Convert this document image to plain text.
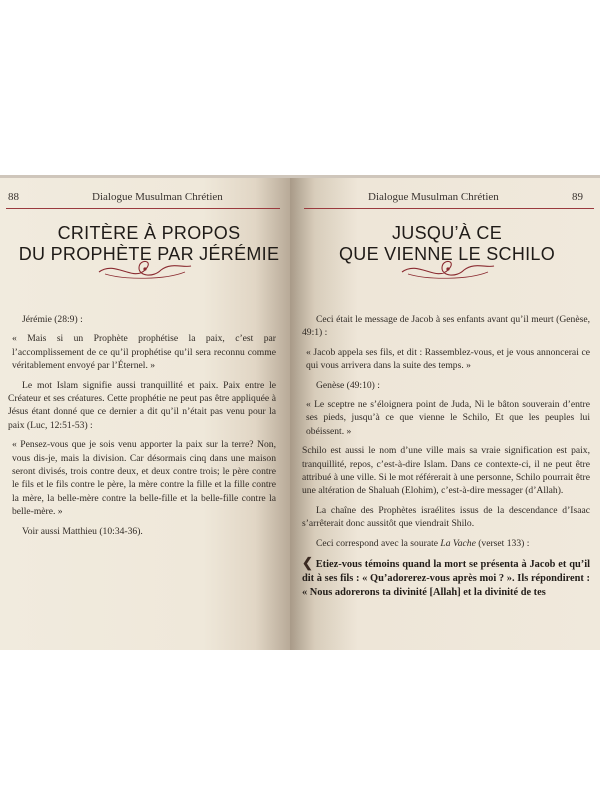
88	Dialogue Musulman Chrétien
CRITÈRE À PROPOS
DU PROPHÈTE PAR JÉRÉMIE

Jérémie (28:9) :

« Mais si un Prophète prophétise la paix, c’est par l’accomplissement de ce qu’il prophétise qu’il sera reconnu comme véritablement envoyé par l’Éternel. »

Le mot Islam signifie aussi tranquillité et paix. Paix entre le Créateur et ses créatures. Cette prophétie ne peut pas être appliquée à Jésus étant donné que ce dernier a dit qu’il n’était pas venu pour la paix (Luc, 12:51-53) :

« Pensez-vous que je sois venu apporter la paix sur la terre? Non, vous dis-je, mais la division. Car désormais cinq dans une maison seront divisés, trois contre deux, et deux contre trois; le père contre le fils et le fils contre le père, la mère contre la fille et la fille contre la mère, la belle-mère contre la belle-fille et la belle-fille contre la belle-mère. »

Voir aussi Matthieu (10:34-36).

Dialogue Musulman Chrétien	89
JUSQU’À CE
QUE VIENNE LE SCHILO

Ceci était le message de Jacob à ses enfants avant qu’il meurt (Genèse, 49:1) :

« Jacob appela ses fils, et dit : Rassemblez-vous, et je vous annoncerai ce qui vous arrivera dans la suite des temps. »

Genèse (49:10) :

« Le sceptre ne s’éloignera point de Juda, Ni le bâton souverain d’entre ses pieds, jusqu’à ce que vienne le Schilo, Et que les peuples lui obéissent. »

Schilo est aussi le nom d’une ville mais sa vraie signification est paix, tranquillité, repos, c’est-à-dire Islam. Dans ce contexte-ci, il ne peut être attribué à une ville. Si le mot référerait à une personne, Schilo pourrait être une altération de Shaluah (Elohim), c’est-à-dire messager (d’Allah).

La chaîne des Prophètes israélites issus de la descendance d’Isaac s’arrêterait donc aussitôt que viendrait Shilo.

Ceci correspond avec la sourate La Vache (verset 133) :

❮ Etiez-vous témoins quand la mort se présenta à Jacob et qu’il dit à ses fils : « Qu’adorerez-vous après moi ? ». Ils répondirent : « Nous adorerons ta divinité [Allah] et la divinité de tes
